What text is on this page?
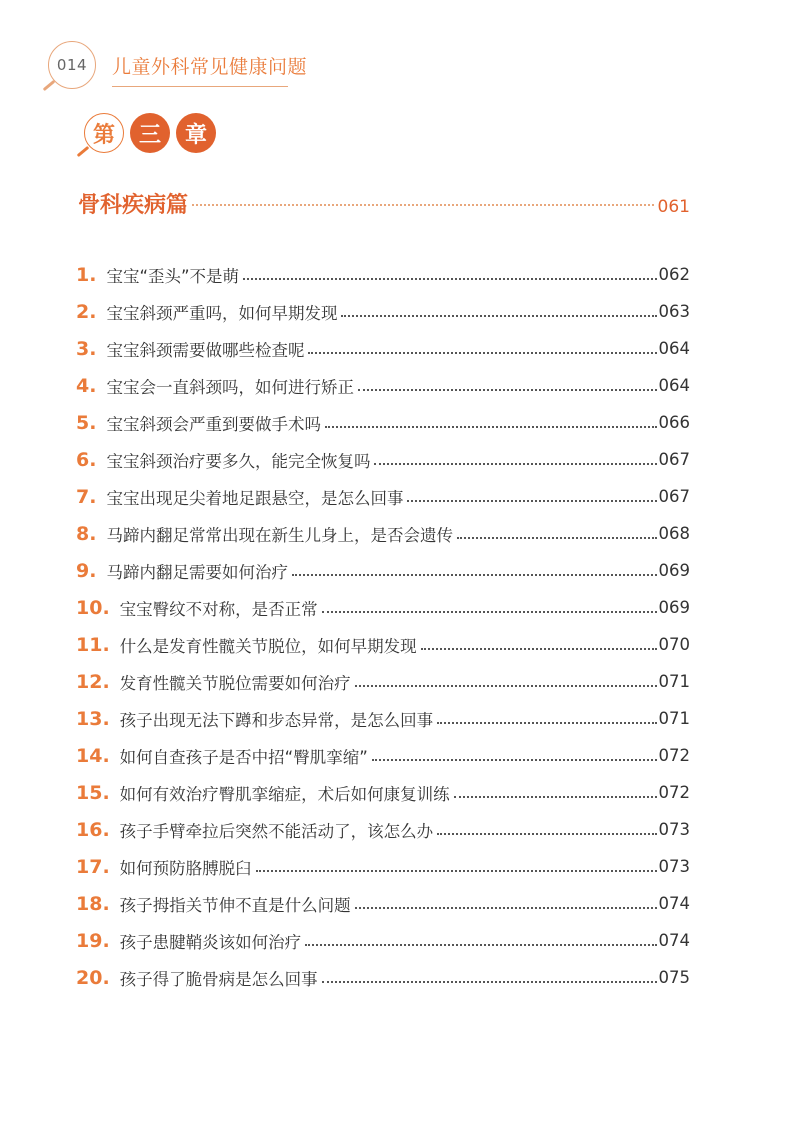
014	儿童外科常见健康问题
第	三	章
骨科疾病篇	061
1. 宝宝“歪头”不是萌	062
2. 宝宝斜颈严重吗，如何早期发现	063
3. 宝宝斜颈需要做哪些检查呢	064
4. 宝宝会一直斜颈吗，如何进行矫正	064
5. 宝宝斜颈会严重到要做手术吗	066
6. 宝宝斜颈治疗要多久，能完全恢复吗	067
7. 宝宝出现足尖着地足跟悬空，是怎么回事	067
8. 马蹄内翻足常常出现在新生儿身上，是否会遗传	068
9. 马蹄内翻足需要如何治疗	069
10. 宝宝臀纹不对称，是否正常	069
11. 什么是发育性髋关节脱位，如何早期发现	070
12. 发育性髋关节脱位需要如何治疗	071
13. 孩子出现无法下蹲和步态异常，是怎么回事	071
14. 如何自查孩子是否中招“臀肌挛缩”	072
15. 如何有效治疗臀肌挛缩症，术后如何康复训练	072
16. 孩子手臂牵拉后突然不能活动了，该怎么办	073
17. 如何预防胳膊脱臼	073
18. 孩子拇指关节伸不直是什么问题	074
19. 孩子患腱鞘炎该如何治疗	074
20. 孩子得了脆骨病是怎么回事	075
